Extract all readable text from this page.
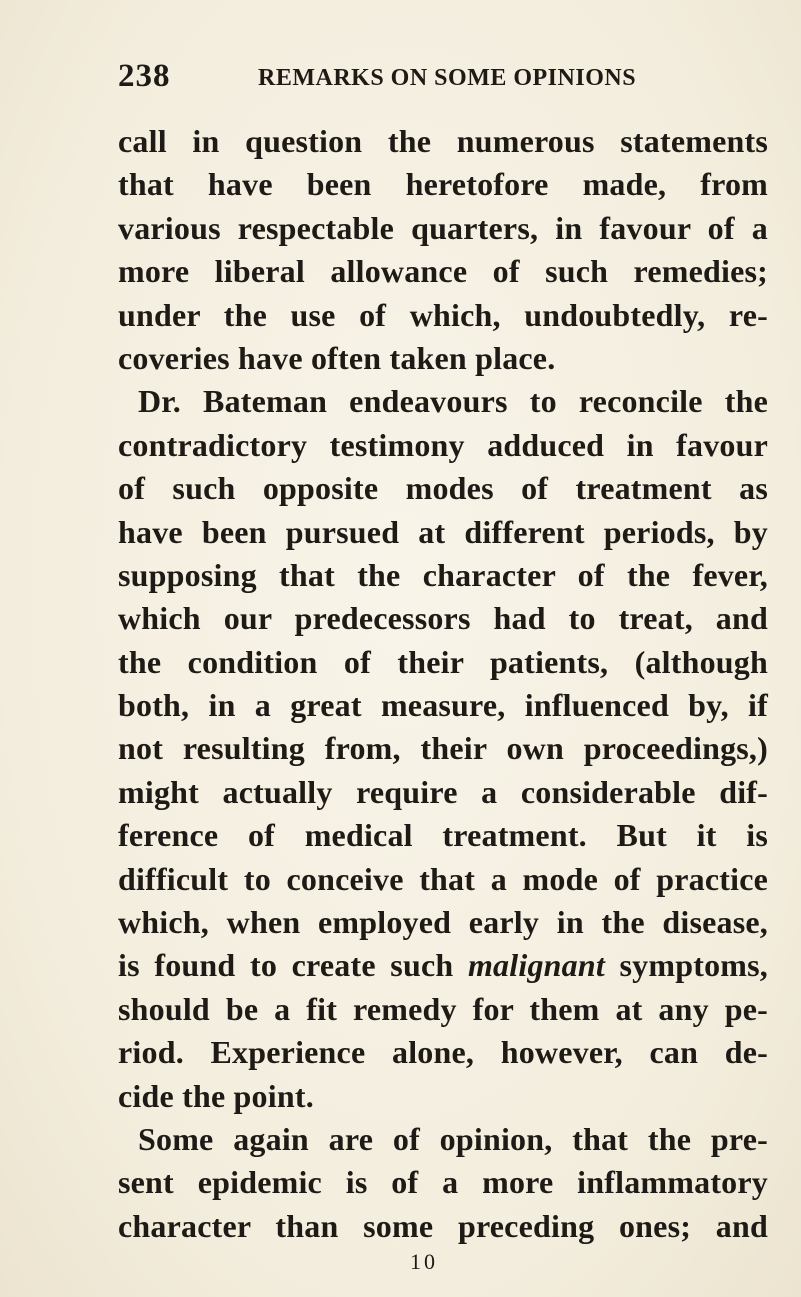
238	REMARKS ON SOME OPINIONS
call in question the numerous statements
that have been heretofore made, from
various respectable quarters, in favour of a
more liberal allowance of such remedies;
under the use of which, undoubtedly, re-
coveries have often taken place.
Dr. Bateman endeavours to reconcile the
contradictory testimony adduced in favour
of such opposite modes of treatment as
have been pursued at different periods, by
supposing that the character of the fever,
which our predecessors had to treat, and
the condition of their patients, (although
both, in a great measure, influenced by, if
not resulting from, their own proceedings,)
might actually require a considerable dif-
ference of medical treatment. But it is
difficult to conceive that a mode of practice
which, when employed early in the disease,
is found to create such malignant symptoms,
should be a fit remedy for them at any pe-
riod. Experience alone, however, can de-
cide the point.
Some again are of opinion, that the pre-
sent epidemic is of a more inflammatory
character than some preceding ones; and
10
